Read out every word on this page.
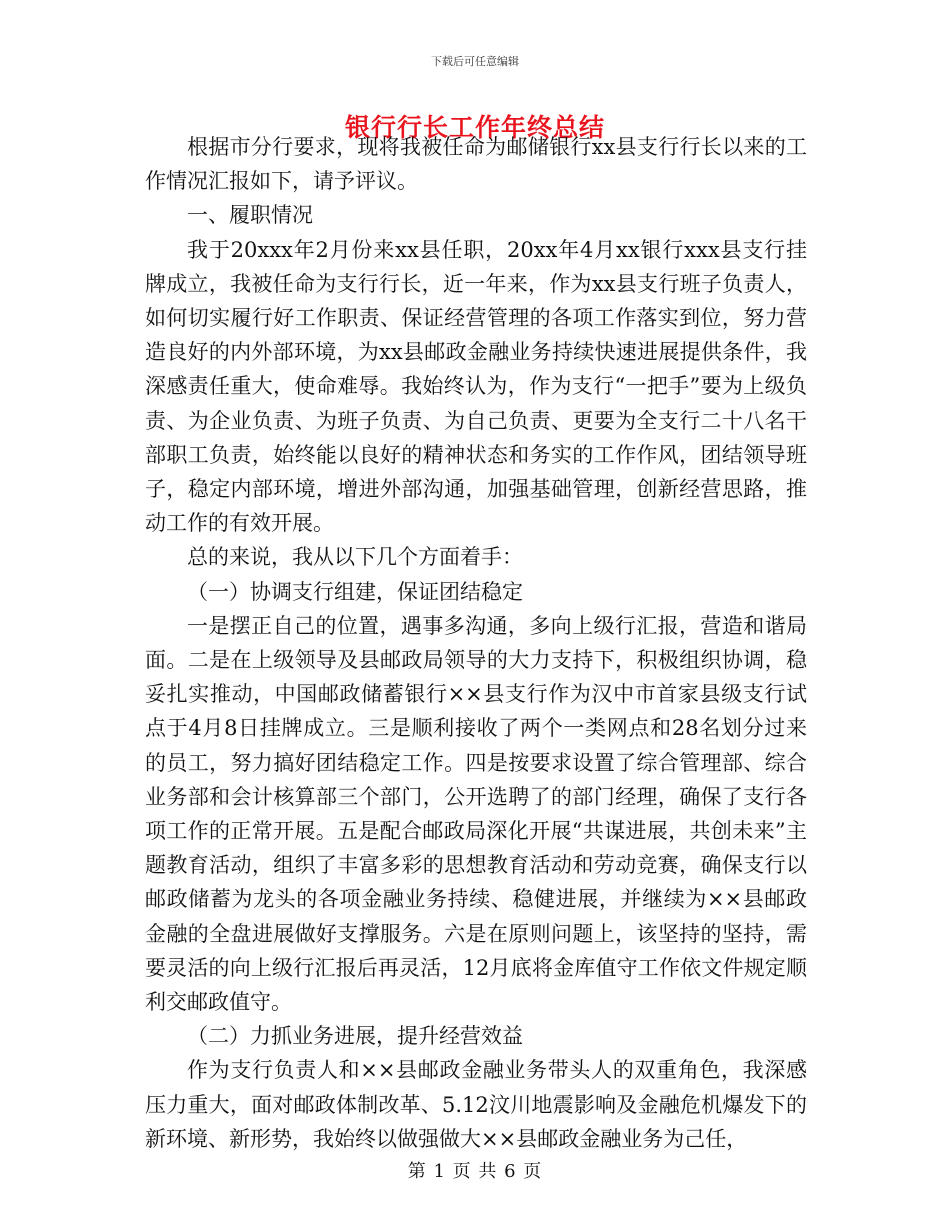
下载后可任意编辑
银行行长工作年终总结

根据市分行要求，现将我被任命为邮储银行xx县支行行长以来的工作情况汇报如下，请予评议。

一、履职情况

我于20xxx年2月份来xx县任职，20xx年4月xx银行xxx县支行挂牌成立，我被任命为支行行长，近一年来，作为xx县支行班子负责人，如何切实履行好工作职责、保证经营管理的各项工作落实到位，努力营造良好的内外部环境，为xx县邮政金融业务持续快速进展提供条件，我深感责任重大，使命难辱。我始终认为，作为支行“一把手”要为上级负责、为企业负责、为班子负责、为自己负责、更要为全支行二十八名干部职工负责，始终能以良好的精神状态和务实的工作作风，团结领导班子，稳定内部环境，增进外部沟通，加强基础管理，创新经营思路，推动工作的有效开展。

总的来说，我从以下几个方面着手：

（一）协调支行组建，保证团结稳定

一是摆正自己的位置，遇事多沟通，多向上级行汇报，营造和谐局面。二是在上级领导及县邮政局领导的大力支持下，积极组织协调，稳妥扎实推动，中国邮政储蓄银行××县支行作为汉中市首家县级支行试点于4月8日挂牌成立。三是顺利接收了两个一类网点和28名划分过来的员工，努力搞好团结稳定工作。四是按要求设置了综合管理部、综合业务部和会计核算部三个部门，公开选聘了的部门经理，确保了支行各项工作的正常开展。五是配合邮政局深化开展“共谋进展，共创未来”主题教育活动，组织了丰富多彩的思想教育活动和劳动竞赛，确保支行以邮政储蓄为龙头的各项金融业务持续、稳健进展，并继续为××县邮政金融的全盘进展做好支撑服务。六是在原则问题上，该坚持的坚持，需要灵活的向上级行汇报后再灵活，12月底将金库值守工作依文件规定顺利交邮政值守。

（二）力抓业务进展，提升经营效益

作为支行负责人和××县邮政金融业务带头人的双重角色，我深感压力重大，面对邮政体制改革、5.12汶川地震影响及金融危机爆发下的新环境、新形势，我始终以做强做大××县邮政金融业务为己任，

第 1 页 共 6 页
